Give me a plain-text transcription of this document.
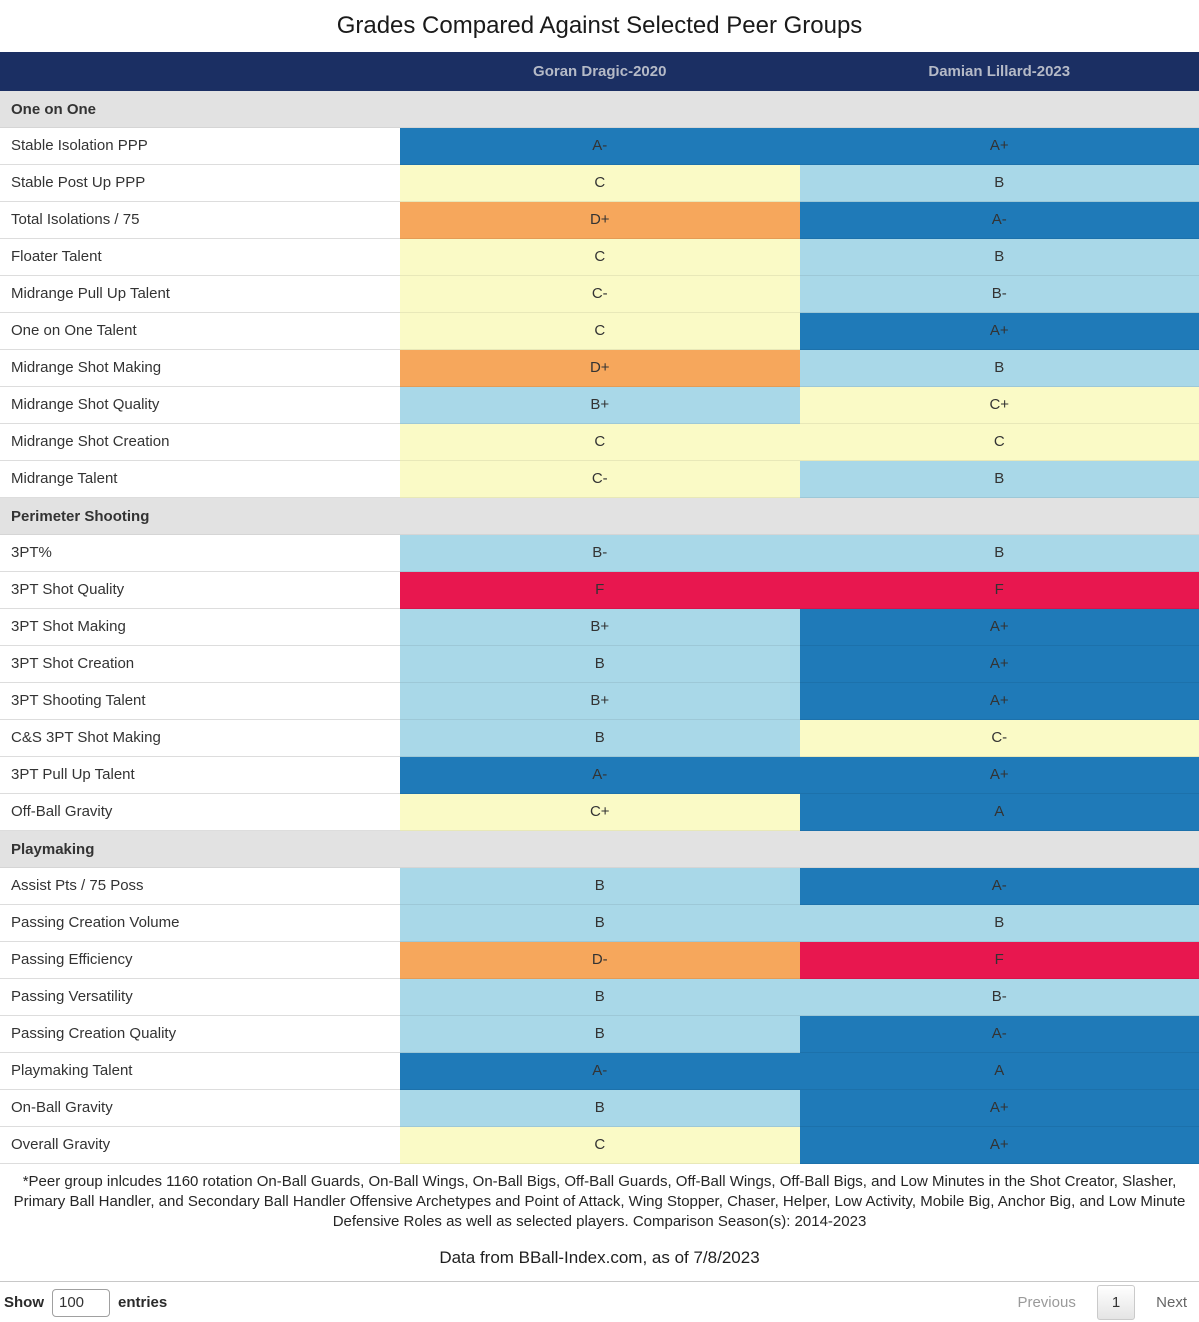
Grades Compared Against Selected Peer Groups
Goran Dragic-2020	Damian Lillard-2023
One on One
Stable Isolation PPP	A-	A+
Stable Post Up PPP	C	B
Total Isolations / 75	D+	A-
Floater Talent	C	B
Midrange Pull Up Talent	C-	B-
One on One Talent	C	A+
Midrange Shot Making	D+	B
Midrange Shot Quality	B+	C+
Midrange Shot Creation	C	C
Midrange Talent	C-	B
Perimeter Shooting
3PT%	B-	B
3PT Shot Quality	F	F
3PT Shot Making	B+	A+
3PT Shot Creation	B	A+
3PT Shooting Talent	B+	A+
C&S 3PT Shot Making	B	C-
3PT Pull Up Talent	A-	A+
Off-Ball Gravity	C+	A
Playmaking
Assist Pts / 75 Poss	B	A-
Passing Creation Volume	B	B
Passing Efficiency	D-	F
Passing Versatility	B	B-
Passing Creation Quality	B	A-
Playmaking Talent	A-	A
On-Ball Gravity	B	A+
Overall Gravity	C	A+
*Peer group inlcudes 1160 rotation On-Ball Guards, On-Ball Wings, On-Ball Bigs, Off-Ball Guards, Off-Ball Wings, Off-Ball Bigs, and Low Minutes in the Shot Creator, Slasher, Primary Ball Handler, and Secondary Ball Handler Offensive Archetypes and Point of Attack, Wing Stopper, Chaser, Helper, Low Activity, Mobile Big, Anchor Big, and Low Minute Defensive Roles as well as selected players. Comparison Season(s): 2014-2023
Data from BBall-Index.com, as of 7/8/2023
Show
100	entries	Previous	1	Next
